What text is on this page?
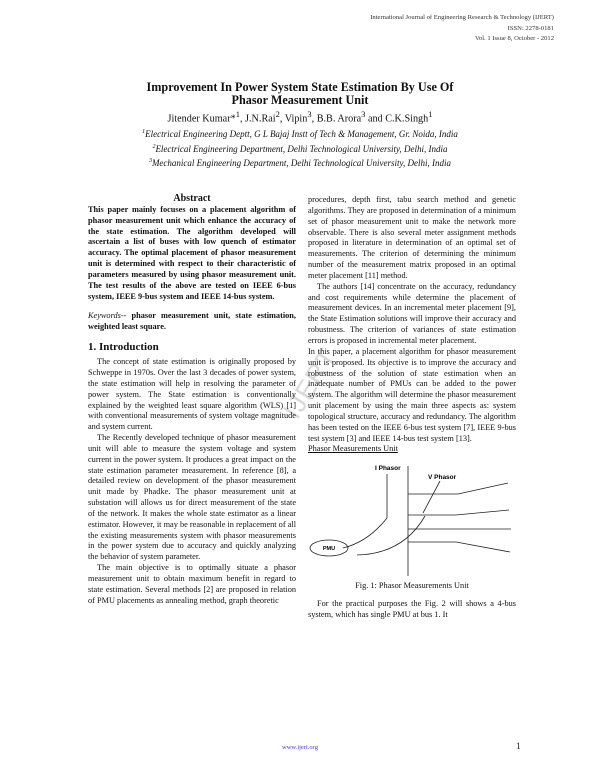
International Journal of Engineering Research & Technology (IJERT)
ISSN: 2278-0181
Vol. 1 Issue 8, October - 2012
Improvement In Power System State Estimation By Use Of
Phasor Measurement Unit
Jitender Kumar*$^1$, J.N.Rai$^2$, Vipin$^3$, B.B. Arora$^3$ and C.K.Singh$^1$
$^1$Electrical Engineering Deptt, G L Bajaj Instt of Tech & Management, Gr. Noida, India
$^2$Electrical Engineering Department, Delhi Technological University, Delhi, India
$^3$Mechanical Engineering Department, Delhi Technological University, Delhi, India
IJERT

Abstract

This paper mainly focuses on a placement algorithm of phasor measurement unit which enhance the accuracy of the state estimation. The algorithm developed will ascertain a list of buses with low quench of estimator accuracy. The optimal placement of phasor measurement unit is determined with respect to their characteristic of parameters measured by using phasor measurement unit. The test results of the above are tested on IEEE 6-bus system, IEEE 9-bus system and IEEE 14-bus system.

Keywords-- phasor measurement unit, state estimation, weighted least square.

1. Introduction

The concept of state estimation is originally proposed by Schweppe in 1970s. Over the last 3 decades of power system, the state estimation will help in resolving the parameter of power system. The State estimation is conventionally explained by the weighted least square algorithm (WLS) [1] with conventional measurements of system voltage magnitude and system current.

The Recently developed technique of phasor measurement unit will able to measure the system voltage and system current in the power system. It produces a great impact on the state estimation parameter measurement. In reference [8], a detailed review on development of the phasor measurement unit made by Phadke. The phasor measurement unit at substation will allows us for direct measurement of the state of the network. It makes the whole state estimator as a linear estimator. However, it may be reasonable in replacement of all the existing measurements system with phasor measurements in the power system due to accuracy and quickly analyzing the behavior of system parameter.

The main objective is to optimally situate a phasor measurement unit to obtain maximum benefit in regard to state estimation. Several methods [2] are proposed in relation of PMU placements as annealing method, graph theoretic

procedures, depth first, tabu search method and genetic algorithms. They are proposed in determination of a minimum set of phasor measurement unit to make the network more observable. There is also several meter assignment methods proposed in literature in determination of an optimal set of measurements. The criterion of determining the minimum number of the measurement matrix proposed in an optimal meter placement [11] method.

The authors [14] concentrate on the accuracy, redundancy and cost requirements while determine the placement of measurement devices. In an incremental meter placement [9], the State Estimation solutions will improve their accuracy and robustness. The criterion of variances of state estimation errors is proposed in incremental meter placement.

In this paper, a placement algorithm for phasor measurement unit is proposed. Its objective is to improve the accuracy and robustness of the solution of state estimation when an inadequate number of PMUs can be added to the power system. The algorithm will determine the phasor measurement unit placement by using the main three aspects as: system topological structure, accuracy and redundancy. The algorithm has been tested on the IEEE 6-bus test system [7], IEEE 9-bus test system [3] and IEEE 14-bus test system [13].

Phasor Measurements Unit

I Phasor
V Phasor
PMU

Fig. 1: Phasor Measurements Unit

For the practical purposes the Fig. 2 will shows a 4-bus system, which has single PMU at bus 1. It

www.ijert.org	1
